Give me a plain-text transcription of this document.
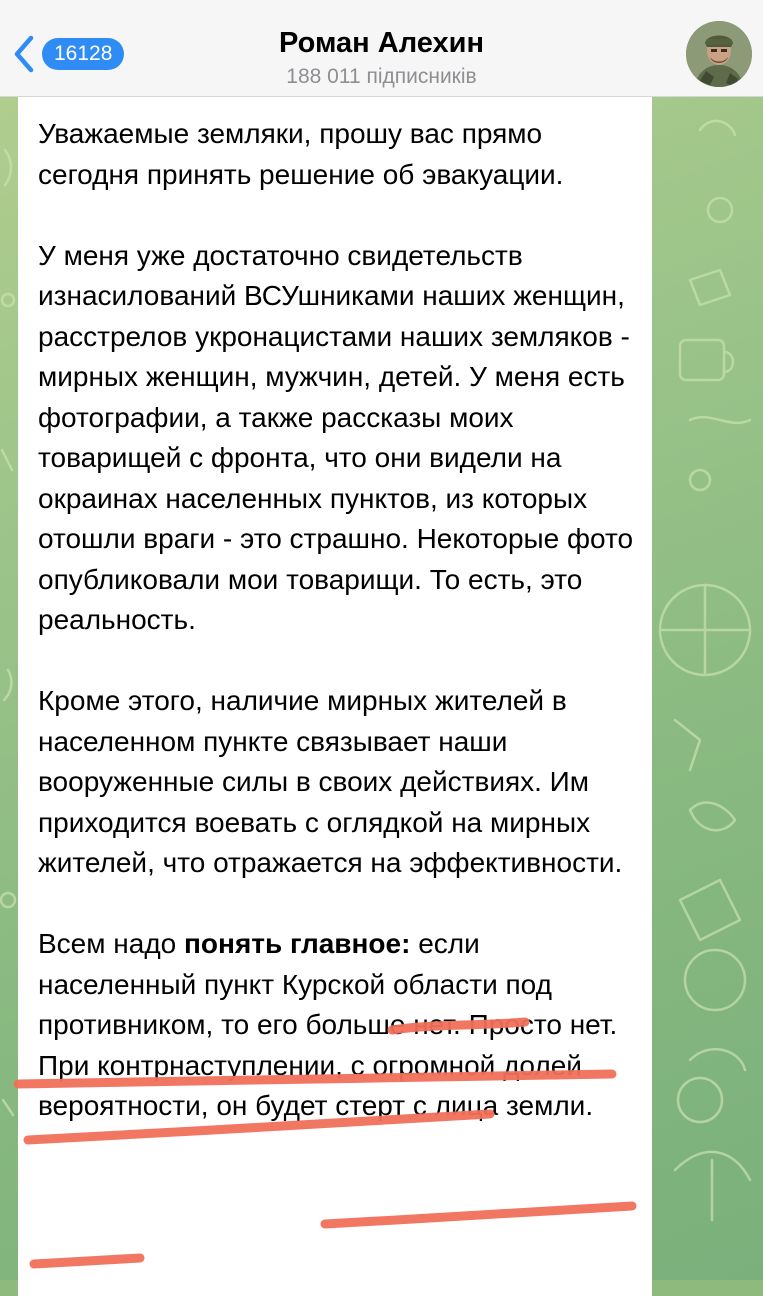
16128	Роман Алехин
188 011 підписників

Уважаемые земляки, прошу вас прямо сегодня принять решение об эвакуации.

У меня уже достаточно свидетельств изнасилований ВСУшниками наших женщин, расстрелов укронацистами наших земляков - мирных женщин, мужчин, детей. У меня есть фотографии, а также рассказы моих товарищей с фронта, что они видели на окраинах населенных пунктов, из которых отошли враги - это страшно. Некоторые фото опубликовали мои товарищи. То есть, это реальность.

Кроме этого, наличие мирных жителей в населенном пункте связывает наши вооруженные силы в своих действиях. Им приходится воевать с оглядкой на мирных жителей, что отражается на эффективности.

Всем надо понять главное: если населенный пункт Курской области под противником, то его больше нет. Просто нет. При контрнаступлении, с огромной долей вероятности, он будет стерт с лица земли.
